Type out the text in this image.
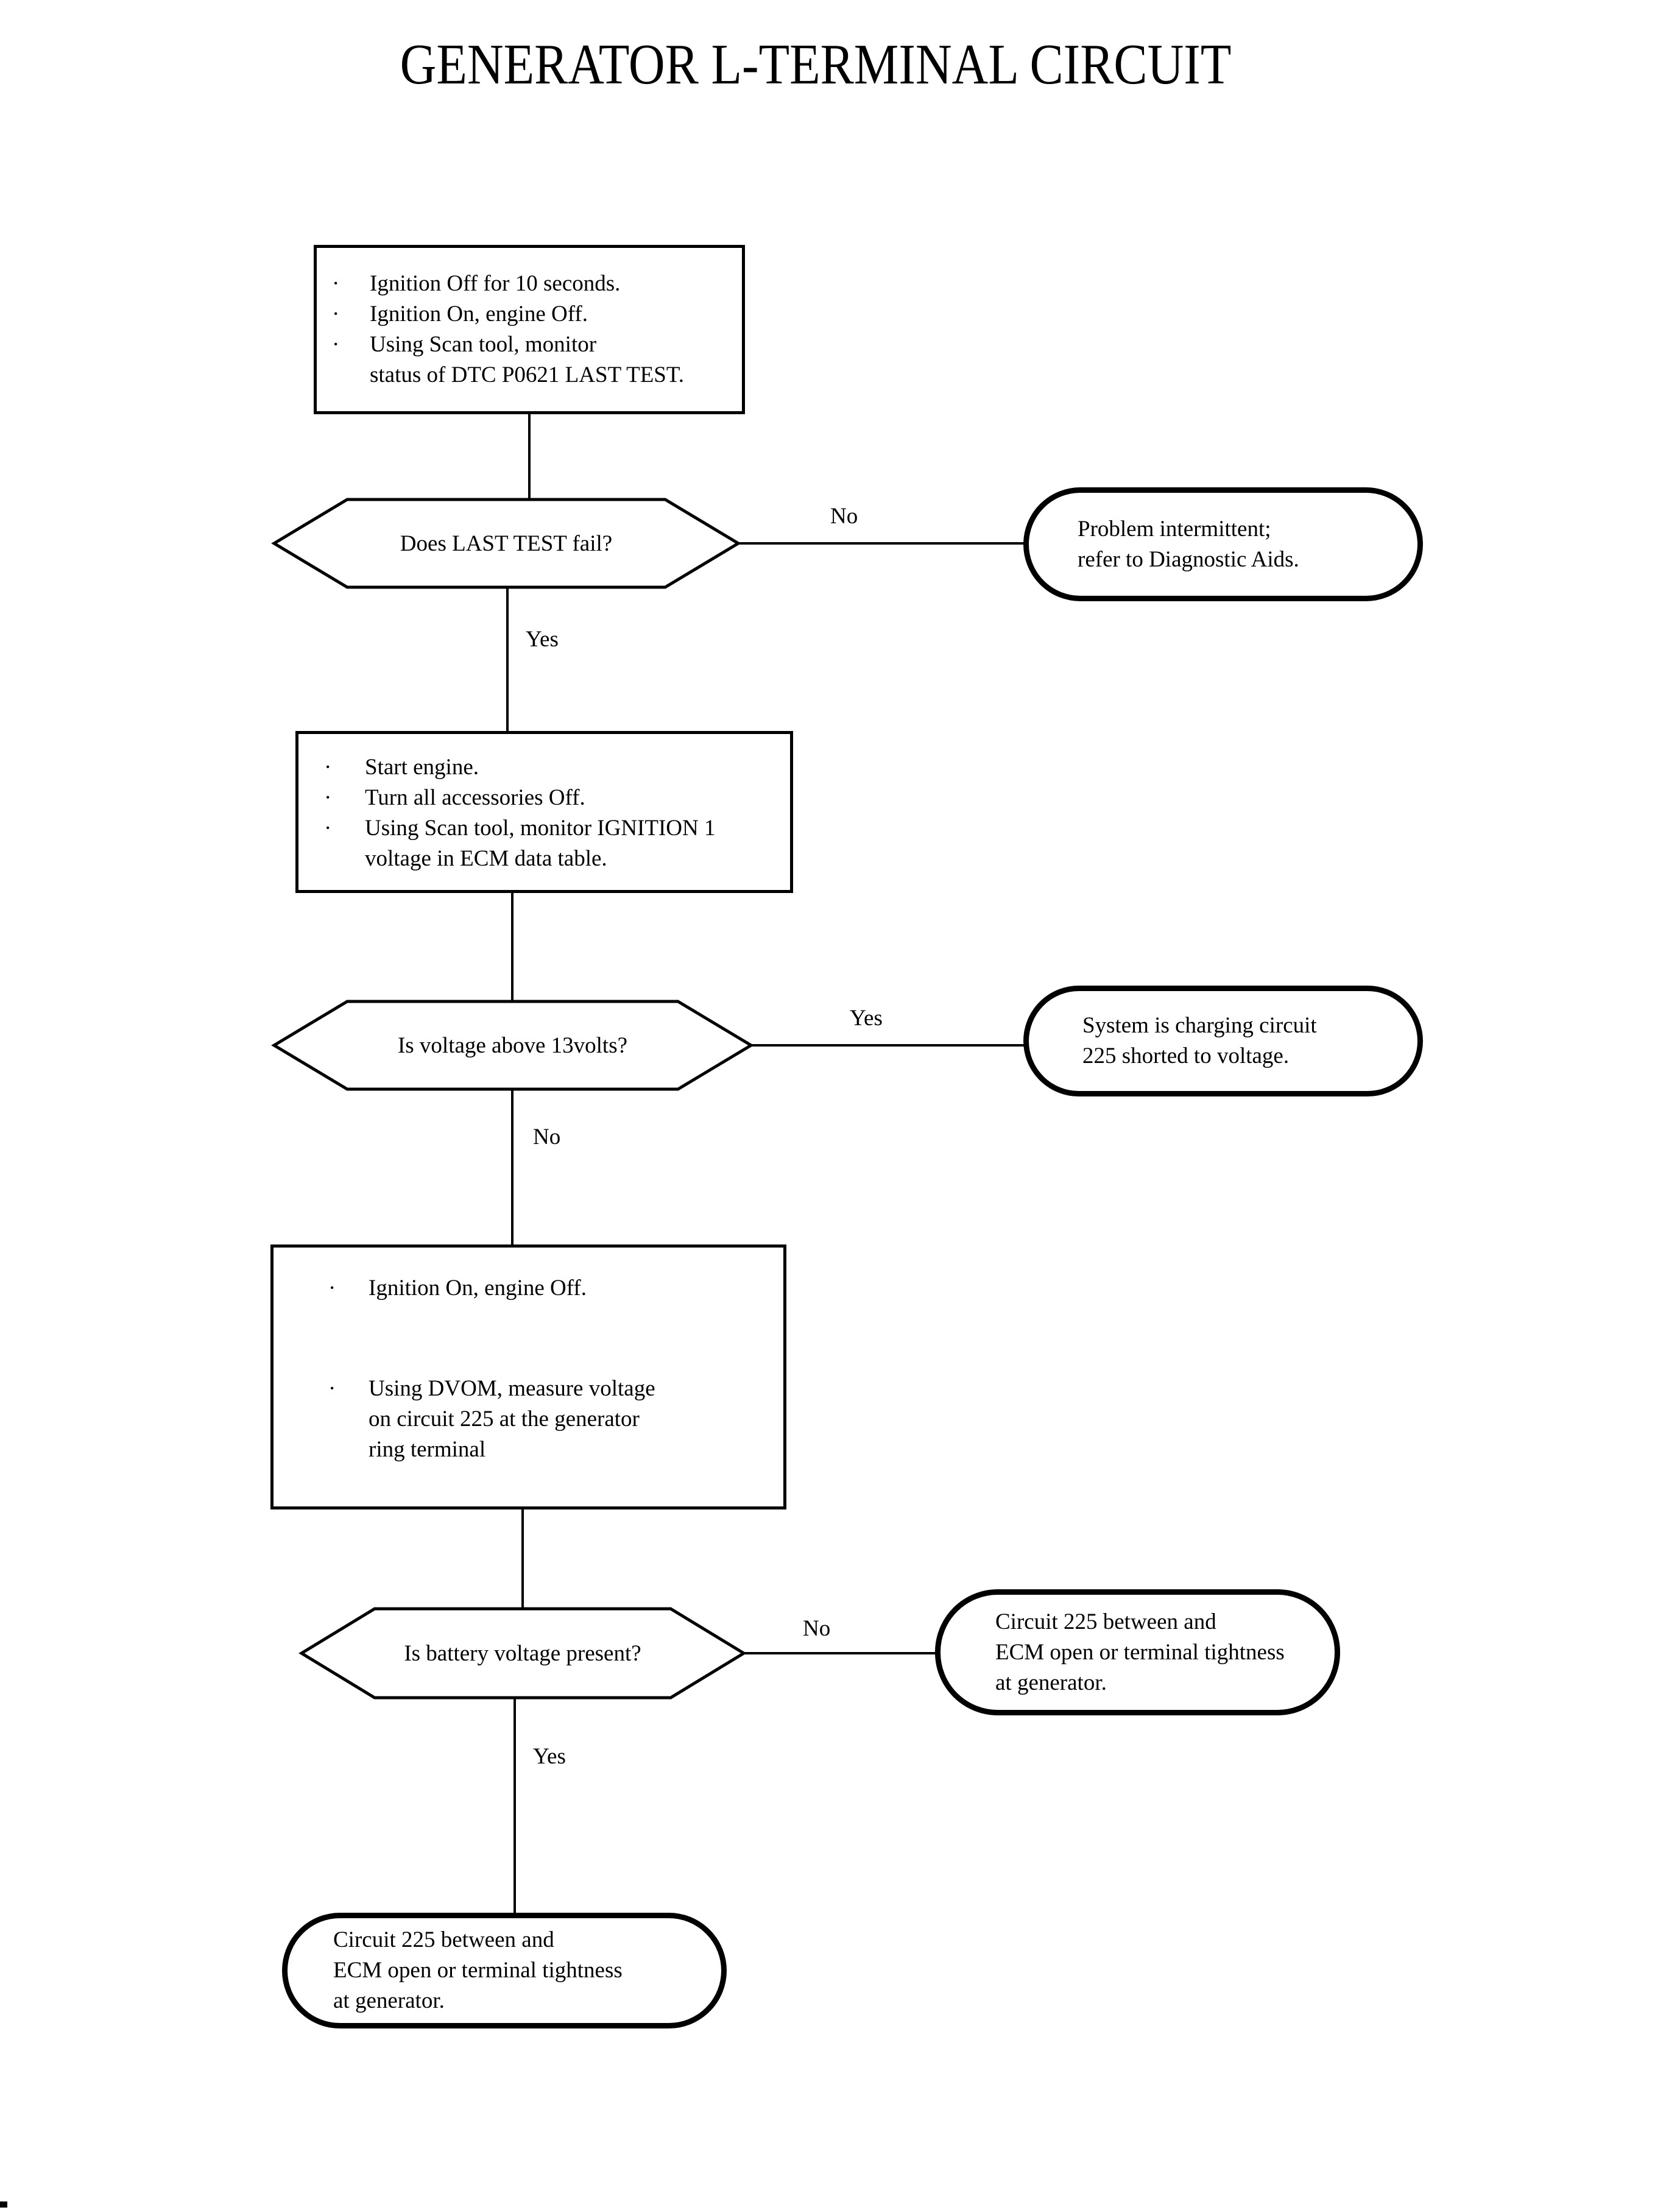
GENERATOR L-TERMINAL CIRCUIT
·	Ignition Off for 10 seconds.
·	Ignition On, engine Off.
·	Using Scan tool, monitor
status of DTC P0621 LAST TEST.
Does LAST TEST fail?
No
Yes
Problem intermittent;
refer to Diagnostic Aids.
·	Start engine.
·	Turn all accessories Off.
·	Using Scan tool, monitor IGNITION 1
voltage in ECM data table.
Is voltage above 13volts?
Yes
No
System is charging circuit
225 shorted to voltage.
·	Ignition On, engine Off.
·	Using DVOM, measure voltage
on circuit 225 at the generator
ring terminal
Is battery voltage present?
No
Yes
Circuit 225 between and
ECM open or terminal tightness
at generator.
Circuit 225 between and
ECM open or terminal tightness
at generator.
